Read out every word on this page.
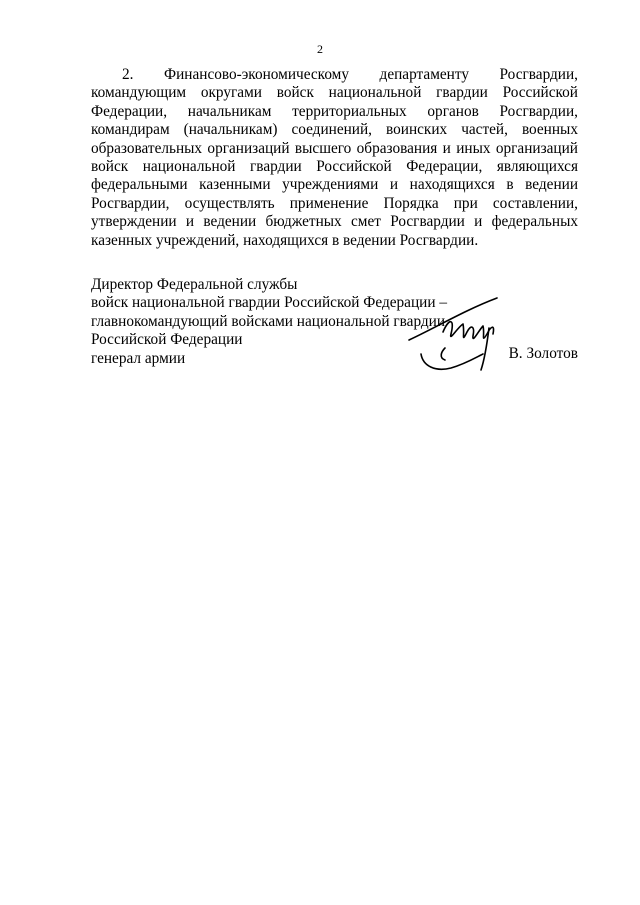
2

2. Финансово-экономическому департаменту Росгвардии,
командующим округами войск национальной гвардии Российской
Федерации, начальникам территориальных органов Росгвардии,
командирам (начальникам) соединений, воинских частей, военных
образовательных организаций высшего образования и иных организаций
войск национальной гвардии Российской Федерации, являющихся
федеральными казенными учреждениями и находящихся в ведении
Росгвардии, осуществлять применение Порядка при составлении,
утверждении и ведении бюджетных смет Росгвардии и федеральных
казенных учреждений, находящихся в ведении Росгвардии.

Директор Федеральной службы
войск национальной гвардии Российской Федерации –
главнокомандующий войсками национальной гвардии
Российской Федерации
генерал армии	В. Золотов
